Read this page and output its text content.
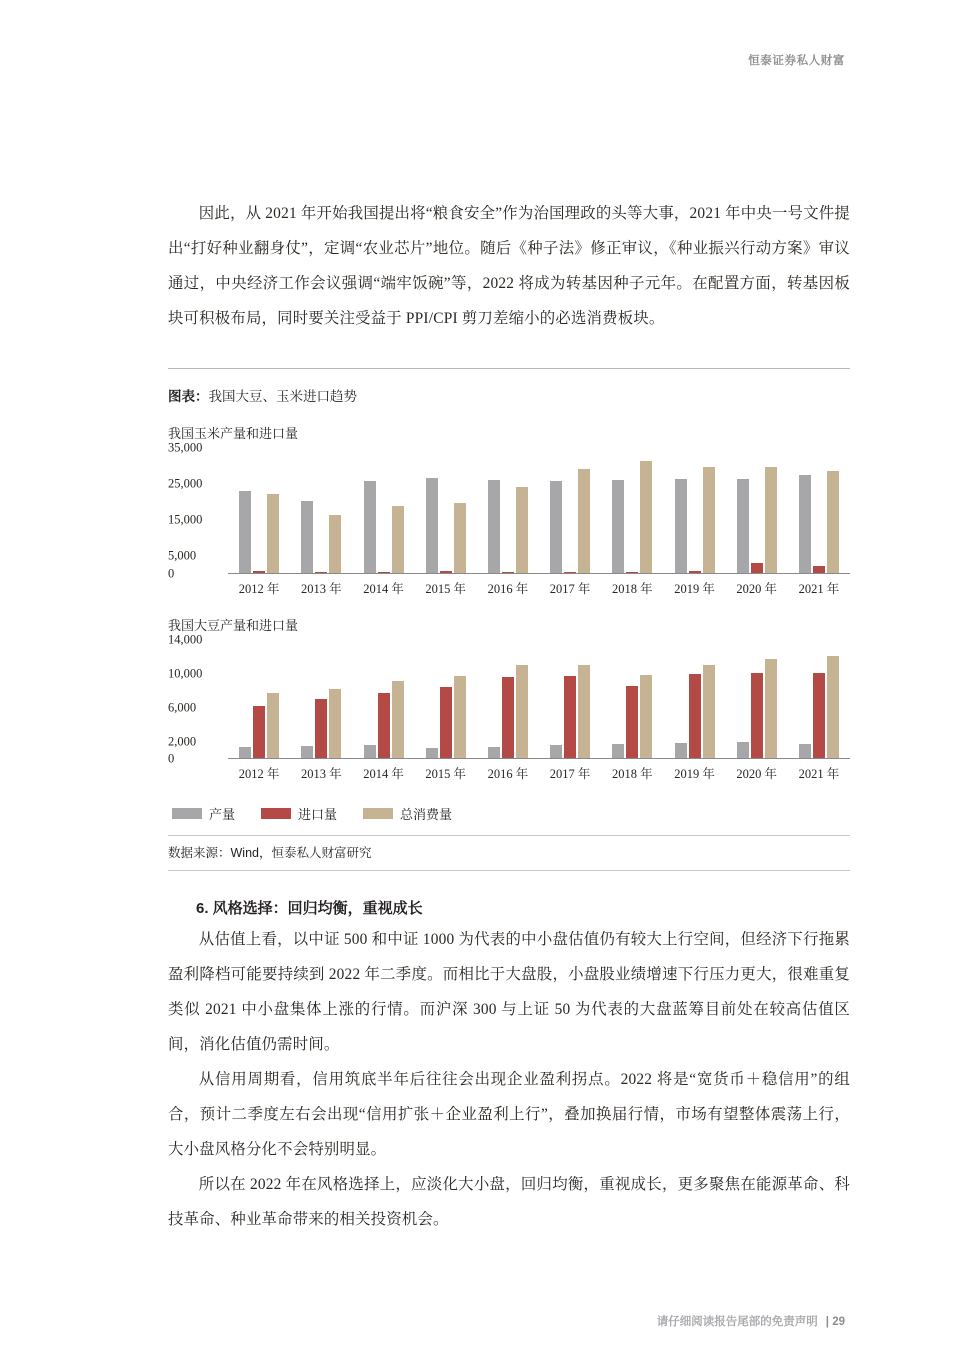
恒泰证券私人财富

因此，从 2021 年开始我国提出将“粮食安全”作为治国理政的头等大事，2021 年中央一号文件提出“打好种业翻身仗”，定调“农业芯片”地位。随后《种子法》修正审议，《种业振兴行动方案》审议通过，中央经济工作会议强调“端牢饭碗”等，2022 将成为转基因种子元年。在配置方面，转基因板块可积极布局，同时要关注受益于 PPI/CPI 剪刀差缩小的必选消费板块。

图表：我国大豆、玉米进口趋势
我国玉米产量和进口量
35,000
25,000
15,000
5,000
0
2012 年	2013 年	2014 年	2015 年	2016 年	2017 年	2018 年	2019 年	2020 年	2021 年
我国大豆产量和进口量
14,000
10,000
6,000
2,000
0
2012 年	2013 年	2014 年	2015 年	2016 年	2017 年	2018 年	2019 年	2020 年	2021 年
产量	进口量	总消费量
数据来源：Wind，恒泰私人财富研究
6. 风格选择：回归均衡，重视成长

从估值上看，以中证 500 和中证 1000 为代表的中小盘估值仍有较大上行空间，但经济下行拖累盈利降档可能要持续到 2022 年二季度。而相比于大盘股，小盘股业绩增速下行压力更大，很难重复类似 2021 中小盘集体上涨的行情。而沪深 300 与上证 50 为代表的大盘蓝筹目前处在较高估值区间，消化估值仍需时间。

从信用周期看，信用筑底半年后往往会出现企业盈利拐点。2022 将是“宽货币＋稳信用”的组合，预计二季度左右会出现“信用扩张＋企业盈利上行”，叠加换届行情，市场有望整体震荡上行，大小盘风格分化不会特别明显。

所以在 2022 年在风格选择上，应淡化大小盘，回归均衡，重视成长，更多聚焦在能源革命、科技革命、种业革命带来的相关投资机会。

请仔细阅读报告尾部的免责声明 | 29
